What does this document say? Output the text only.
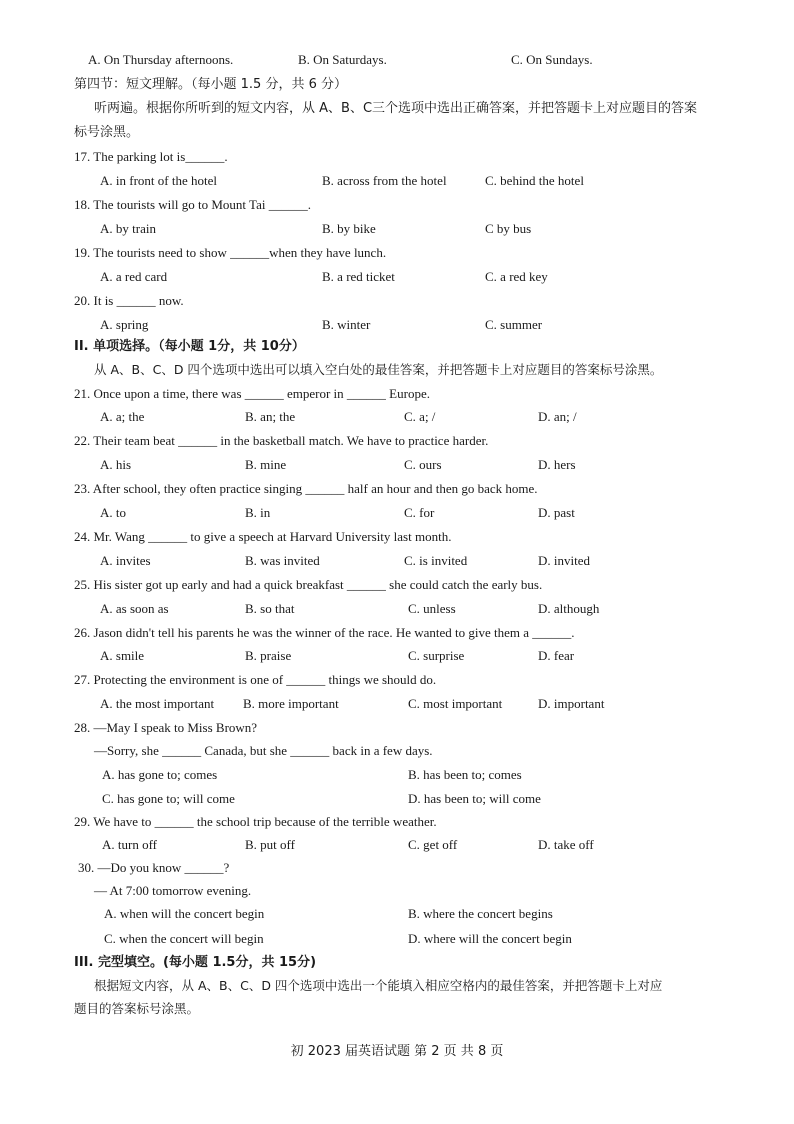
A. On Thursday afternoons.	B. On Saturdays.	C. On Sundays.
第四节：短文理解。（每小题 1.5 分，共 6 分）
听两遍。根据你所听到的短文内容，从 A、B、C三个选项中选出正确答案，并把答题卡上对应题目的答案
标号涂黑。
17. The parking lot is______.
A. in front of the hotel	B. across from the hotel	C. behind the hotel
18. The tourists will go to Mount Tai ______.
A. by train	B. by bike	C by bus
19. The tourists need to show ______when they have lunch.
A. a red card	B. a red ticket	C. a red key
20. It is ______ now.
A. spring	B. winter	C. summer
II. 单项选择。（每小题 1分，共 10分）
从 A、B、C、D 四个选项中选出可以填入空白处的最佳答案，并把答题卡上对应题目的答案标号涂黑。
21. Once upon a time, there was ______ emperor in ______ Europe.
A. a; the	B. an; the	C. a; /	D. an; /
22. Their team beat ______ in the basketball match. We have to practice harder.
A. his	B. mine	C. ours	D. hers
23. After school, they often practice singing ______ half an hour and then go back home.
A. to	B. in	C. for	D. past
24. Mr. Wang ______ to give a speech at Harvard University last month.
A. invites	B. was invited	C. is invited	D. invited
25. His sister got up early and had a quick breakfast ______ she could catch the early bus.
A. as soon as	B. so that	C. unless	D. although
26. Jason didn't tell his parents he was the winner of the race. He wanted to give them a ______.
A. smile	B. praise	C. surprise	D. fear
27. Protecting the environment is one of ______ things we should do.
A. the most important B. more important	C. most important	D. important
28. —May I speak to Miss Brown?
—Sorry, she ______ Canada, but she ______ back in a few days.
A. has gone to; comes	B. has been to; comes
C. has gone to; will come	D. has been to; will come
29. We have to ______ the school trip because of the terrible weather.
A. turn off	B. put off	C. get off	D. take off
30. —Do you know ______?
— At 7:00 tomorrow evening.
A. when will the concert begin	B. where the concert begins
C. when the concert will begin	D. where will the concert begin
III. 完型填空。(每小题 1.5分，共 15分)
根据短文内容，从 A、B、C、D 四个选项中选出一个能填入相应空格内的最佳答案，并把答题卡上对应
题目的答案标号涂黑。
初 2023 届英语试题 第 2 页 共 8 页
